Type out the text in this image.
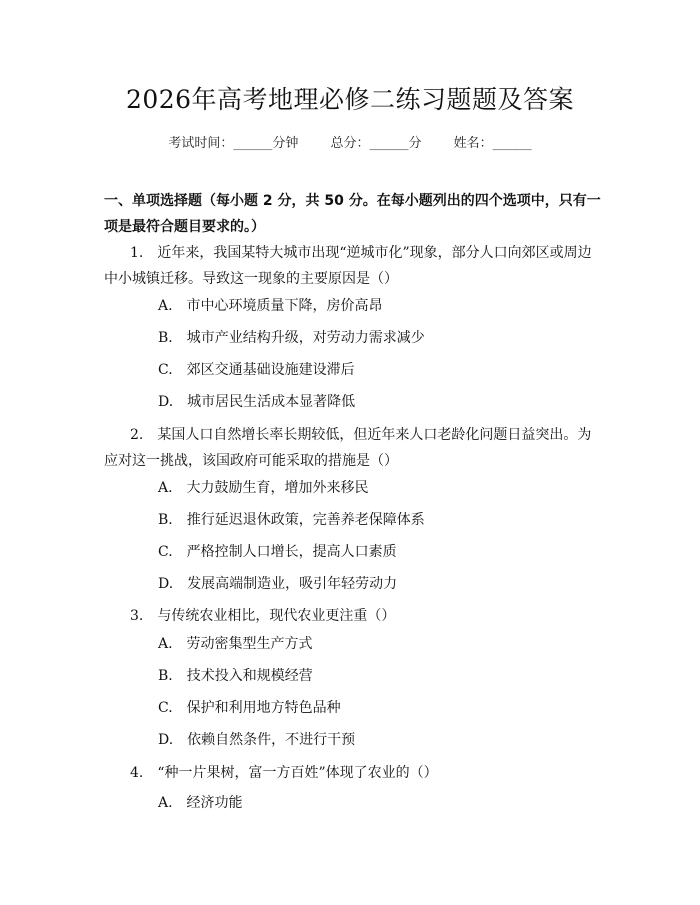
2026年高考地理必修二练习题题及答案
考试时间：______分钟 总分：______分 姓名：______
一、单项选择题（每小题 2 分，共 50 分。在每小题列出的四个选项中，只有一项是最符合题目要求的。）
1.　近年来，我国某特大城市出现“逆城市化”现象，部分人口向郊区或周边中小城镇迁移。导致这一现象的主要原因是（）
A.　市中心环境质量下降，房价高昂
B.　城市产业结构升级，对劳动力需求减少
C.　郊区交通基础设施建设滞后
D.　城市居民生活成本显著降低
2.　某国人口自然增长率长期较低，但近年来人口老龄化问题日益突出。为应对这一挑战，该国政府可能采取的措施是（）
A.　大力鼓励生育，增加外来移民
B.　推行延迟退休政策，完善养老保障体系
C.　严格控制人口增长，提高人口素质
D.　发展高端制造业，吸引年轻劳动力
3.　与传统农业相比，现代农业更注重（）
A.　劳动密集型生产方式
B.　技术投入和规模经营
C.　保护和利用地方特色品种
D.　依赖自然条件，不进行干预
4.　“种一片果树，富一方百姓”体现了农业的（）
A.　经济功能
